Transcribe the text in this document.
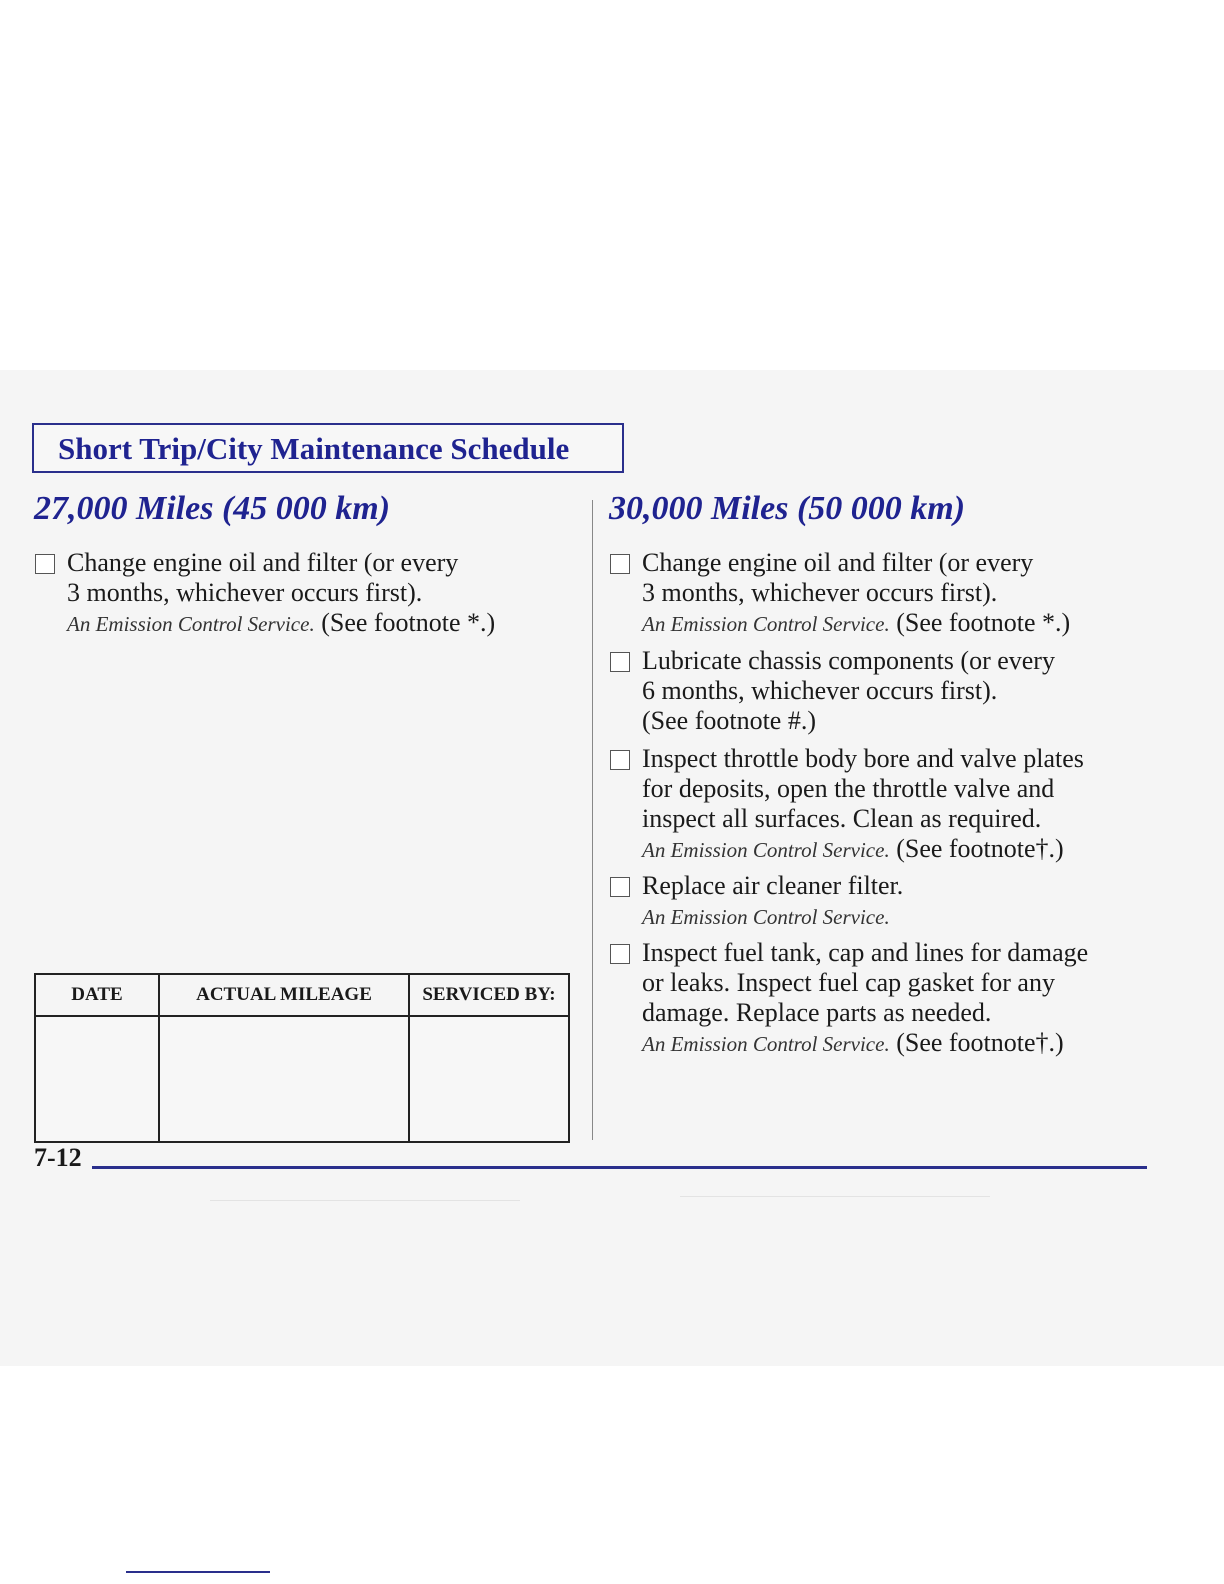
Short Trip/City Maintenance Schedule
27,000 Miles (45 000 km)
Change engine oil and filter (or every
3 months, whichever occurs first).
An Emission Control Service. (See footnote *.)
30,000 Miles (50 000 km)
Change engine oil and filter (or every
3 months, whichever occurs first).
An Emission Control Service. (See footnote *.)
Lubricate chassis components (or every
6 months, whichever occurs first).
(See footnote #.)
Inspect throttle body bore and valve plates
for deposits, open the throttle valve and
inspect all surfaces. Clean as required.
An Emission Control Service. (See footnote†.)
Replace air cleaner filter.
An Emission Control Service.
Inspect fuel tank, cap and lines for damage
or leaks. Inspect fuel cap gasket for any
damage. Replace parts as needed.
An Emission Control Service. (See footnote†.)
DATE	ACTUAL MILEAGE	SERVICED BY:

7-12
